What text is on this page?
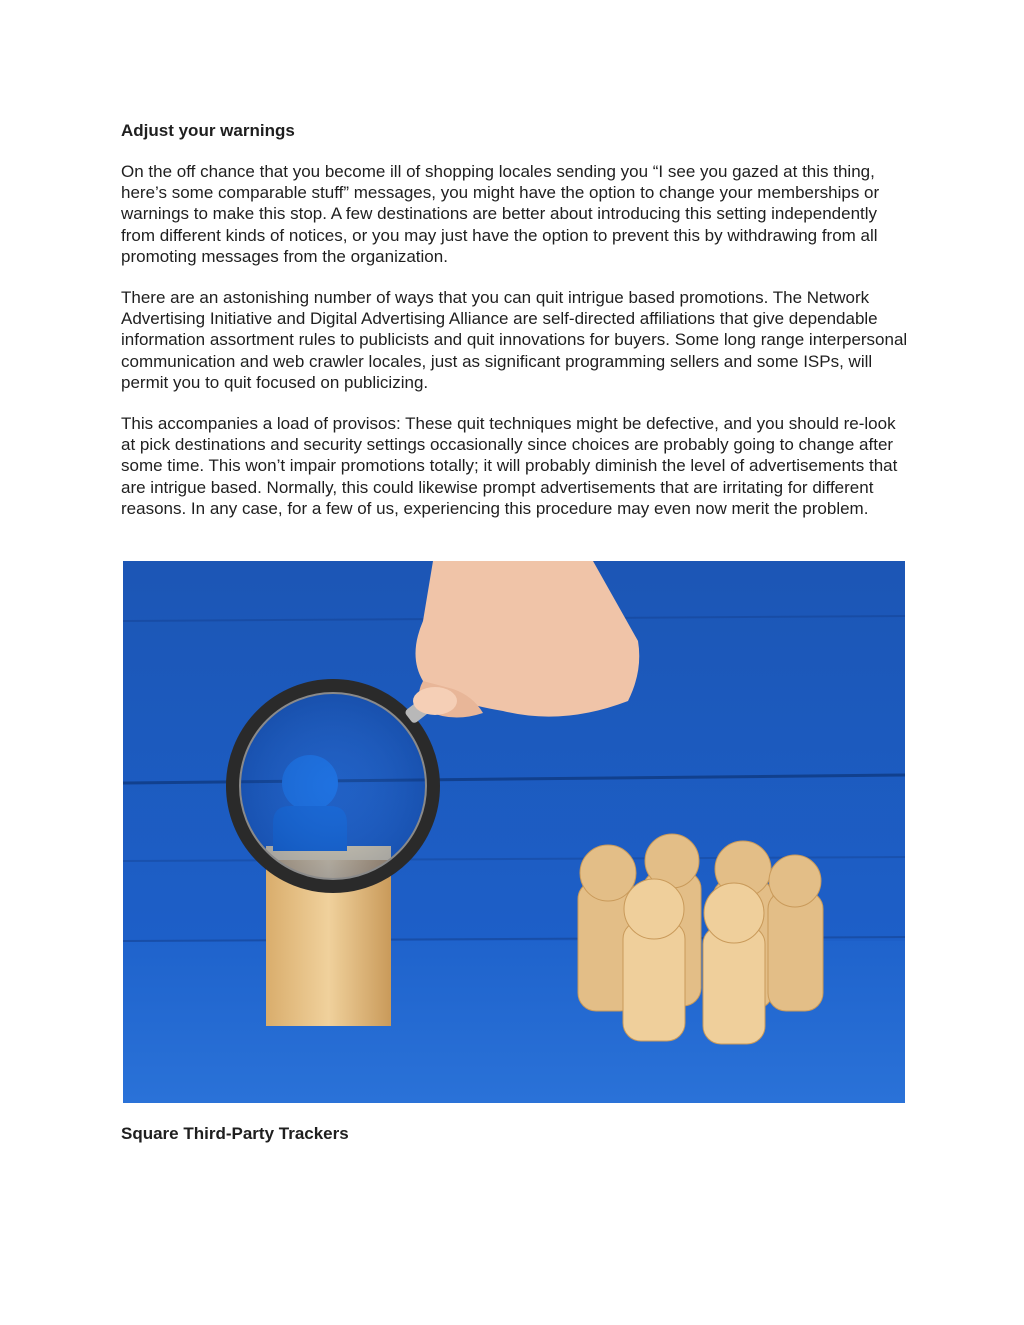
Adjust your warnings

On the off chance that you become ill of shopping locales sending you “I see you gazed at this thing, here’s some comparable stuff” messages, you might have the option to change your memberships or warnings to make this stop. A few destinations are better about introducing this setting independently from different kinds of notices, or you may just have the option to prevent this by withdrawing from all promoting messages from the organization.

There are an astonishing number of ways that you can quit intrigue based promotions. The Network Advertising Initiative and Digital Advertising Alliance are self-directed affiliations that give dependable information assortment rules to publicists and quit innovations for buyers. Some long range interpersonal communication and web crawler locales, just as significant programming sellers and some ISPs, will permit you to quit focused on publicizing.

This accompanies a load of provisos: These quit techniques might be defective, and you should re-look at pick destinations and security settings occasionally since choices are probably going to change after some time. This won’t impair promotions totally; it will probably diminish the level of advertisements that are intrigue based. Normally, this could likewise prompt advertisements that are irritating for different reasons. In any case, for a few of us, experiencing this procedure may even now merit the problem.

Square Third-Party Trackers
